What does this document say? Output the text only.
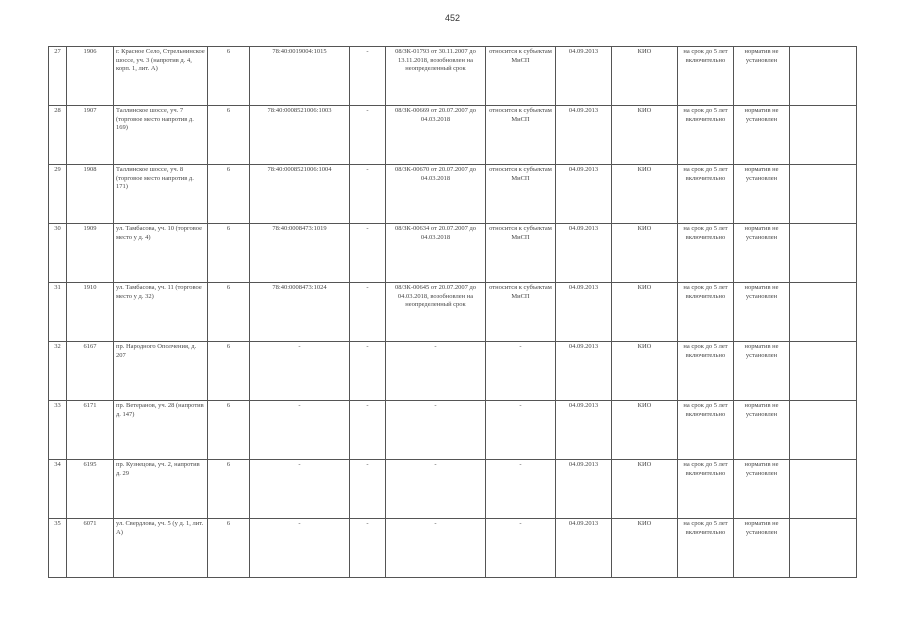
452
27	1906	г. Красное Село, Стрельнинское шоссе, уч. 3 (напротив д. 4, корп. 1, лит. А)	6	78:40:0019004:1015	-	08/ЗК-01793 от 30.11.2007 до 13.11.2018, возобновлен на неопределенный срок	относится к субъектам МиСП	04.09.2013	КИО	на срок до 5 лет включительно	норматив не установлен	
28	1907	Таллинское шоссе, уч. 7 (торговое место напротив д. 169)	6	78:40:0008521006:1003	-	08/ЗК-00669 от 20.07.2007 до 04.03.2018	относится к субъектам МиСП	04.09.2013	КИО	на срок до 5 лет включительно	норматив не установлен	
29	1908	Таллинское шоссе, уч. 8 (торговое место напротив д. 171)	6	78:40:0008521006:1004	-	08/ЗК-00670 от 20.07.2007 до 04.03.2018	относится к субъектам МиСП	04.09.2013	КИО	на срок до 5 лет включительно	норматив не установлен	
30	1909	ул. Тамбасова, уч. 10 (торговое место у д. 4)	6	78:40:0008473:1019	-	08/ЗК-00634 от 20.07.2007 до 04.03.2018	относится к субъектам МиСП	04.09.2013	КИО	на срок до 5 лет включительно	норматив не установлен	
31	1910	ул. Тамбасова, уч. 11 (торговое место у д. 32)	6	78:40:0008473:1024	-	08/ЗК-00645 от 20.07.2007 до 04.03.2018, возобновлен на неопределенный срок	относится к субъектам МиСП	04.09.2013	КИО	на срок до 5 лет включительно	норматив не установлен	
32	6167	пр. Народного Ополчения, д. 207	6	-	-	-	-	04.09.2013	КИО	на срок до 5 лет включительно	норматив не установлен	
33	6171	пр. Ветеранов, уч. 28 (напротив д. 147)	6	-	-	-	-	04.09.2013	КИО	на срок до 5 лет включительно	норматив не установлен	
34	6195	пр. Кузнецова, уч. 2, напротив д. 29	6	-	-	-	-	04.09.2013	КИО	на срок до 5 лет включительно	норматив не установлен	
35	6071	ул. Свердлова, уч. 5 (у д. 1, лит. А)	6	-	-	-	-	04.09.2013	КИО	на срок до 5 лет включительно	норматив не установлен	
